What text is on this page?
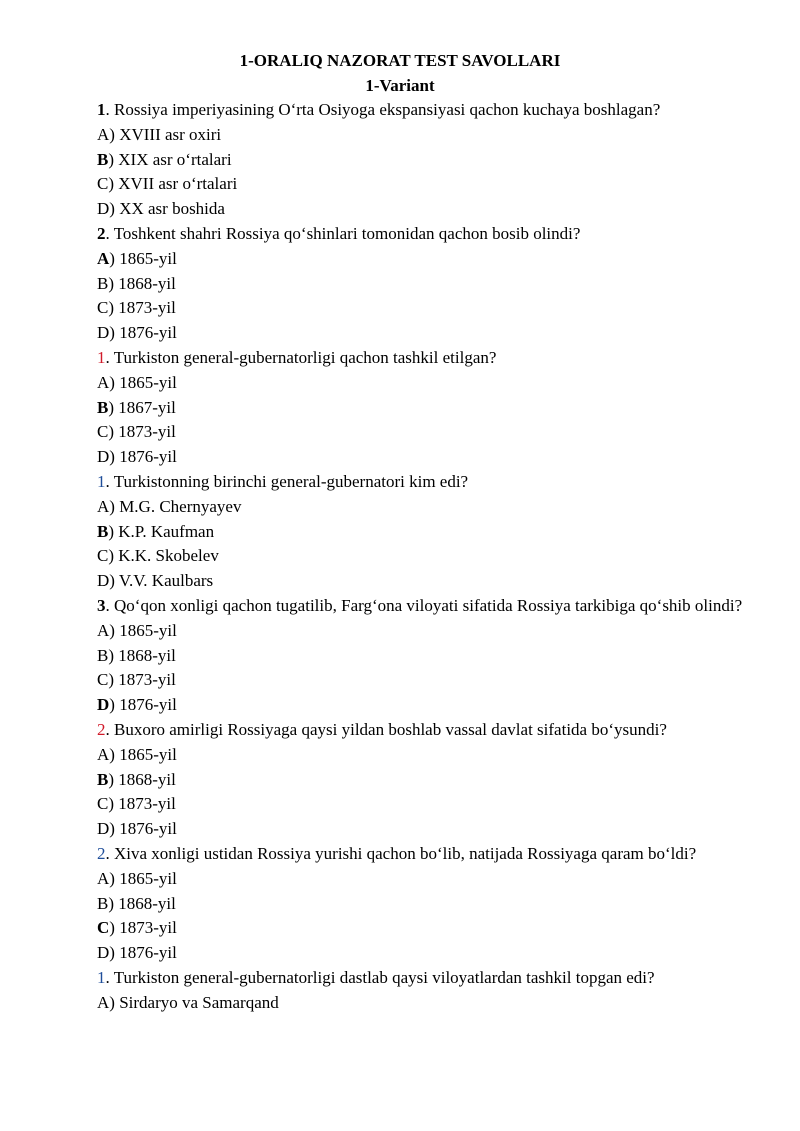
1-ORALIQ NAZORAT TEST SAVOLLARI

1-Variant

1. Rossiya imperiyasining O‘rta Osiyoga ekspansiyasi qachon kuchaya boshlagan?

A) XVIII asr oxiri

B) XIX asr o‘rtalari

C) XVII asr o‘rtalari

D) XX asr boshida

2. Toshkent shahri Rossiya qo‘shinlari tomonidan qachon bosib olindi?

A) 1865-yil

B) 1868-yil

C) 1873-yil

D) 1876-yil

1. Turkiston general-gubernatorligi qachon tashkil etilgan?

A) 1865-yil

B) 1867-yil

C) 1873-yil

D) 1876-yil

1. Turkistonning birinchi general-gubernatori kim edi?

A) M.G. Chernyayev

B) K.P. Kaufman

C) K.K. Skobelev

D) V.V. Kaulbars

3. Qo‘qon xonligi qachon tugatilib, Farg‘ona viloyati sifatida Rossiya tarkibiga qo‘shib olindi?

A) 1865-yil

B) 1868-yil

C) 1873-yil

D) 1876-yil

2. Buxoro amirligi Rossiyaga qaysi yildan boshlab vassal davlat sifatida bo‘ysundi?

A) 1865-yil

B) 1868-yil

C) 1873-yil

D) 1876-yil

2. Xiva xonligi ustidan Rossiya yurishi qachon bo‘lib, natijada Rossiyaga qaram bo‘ldi?

A) 1865-yil

B) 1868-yil

C) 1873-yil

D) 1876-yil

1. Turkiston general-gubernatorligi dastlab qaysi viloyatlardan tashkil topgan edi?

A) Sirdaryo va Samarqand
